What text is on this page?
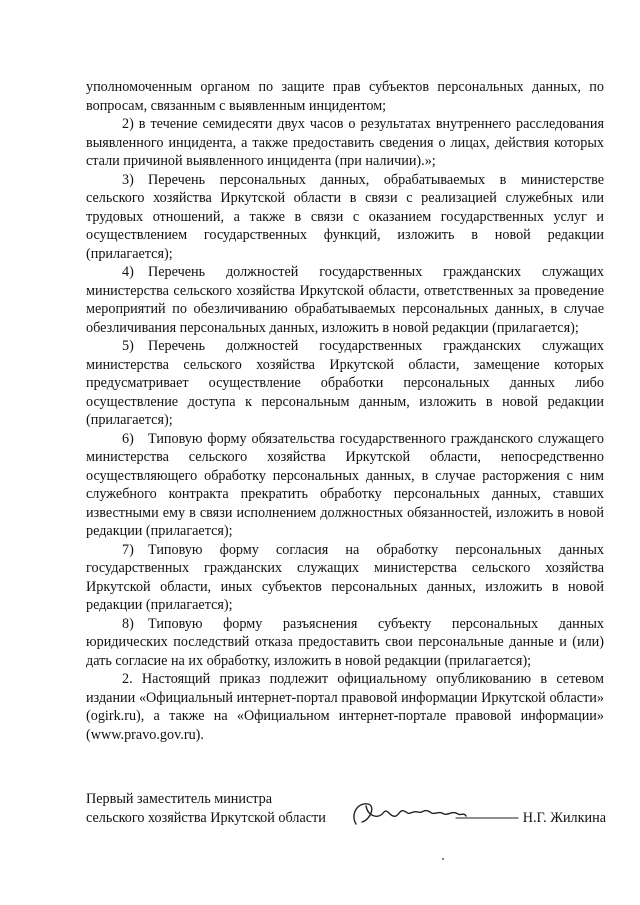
уполномоченным органом по защите прав субъектов персональных данных, по вопросам, связанным с выявленным инцидентом;

2) в течение семидесяти двух часов о результатах внутреннего расследования выявленного инцидента, а также предоставить сведения о лицах, действия которых стали причиной выявленного инцидента (при наличии).»;

3) Перечень персональных данных, обрабатываемых в министерстве сельского хозяйства Иркутской области в связи с реализацией служебных или трудовых отношений, а также в связи с оказанием государственных услуг и осуществлением государственных функций, изложить в новой редакции (прилагается);

4) Перечень должностей государственных гражданских служащих министерства сельского хозяйства Иркутской области, ответственных за проведение мероприятий по обезличиванию обрабатываемых персональных данных, в случае обезличивания персональных данных, изложить в новой редакции (прилагается);

5) Перечень должностей государственных гражданских служащих министерства сельского хозяйства Иркутской области, замещение которых предусматривает осуществление обработки персональных данных либо осуществление доступа к персональным данным, изложить в новой редакции (прилагается);

6) Типовую форму обязательства государственного гражданского служащего министерства сельского хозяйства Иркутской области, непосредственно осуществляющего обработку персональных данных, в случае расторжения с ним служебного контракта прекратить обработку персональных данных, ставших известными ему в связи исполнением должностных обязанностей, изложить в новой редакции (прилагается);

7) Типовую форму согласия на обработку персональных данных государственных гражданских служащих министерства сельского хозяйства Иркутской области, иных субъектов персональных данных, изложить в новой редакции (прилагается);

8) Типовую форму разъяснения субъекту персональных данных юридических последствий отказа предоставить свои персональные данные и (или) дать согласие на их обработку, изложить в новой редакции (прилагается);

2. Настоящий приказ подлежит официальному опубликованию в сетевом издании «Официальный интернет-портал правовой информации Иркутской области» (ogirk.ru), а также на «Официальном интернет-портале правовой информации» (www.pravo.gov.ru).

Первый заместитель министра
сельского хозяйства Иркутской области	Н.Г. Жилкина
